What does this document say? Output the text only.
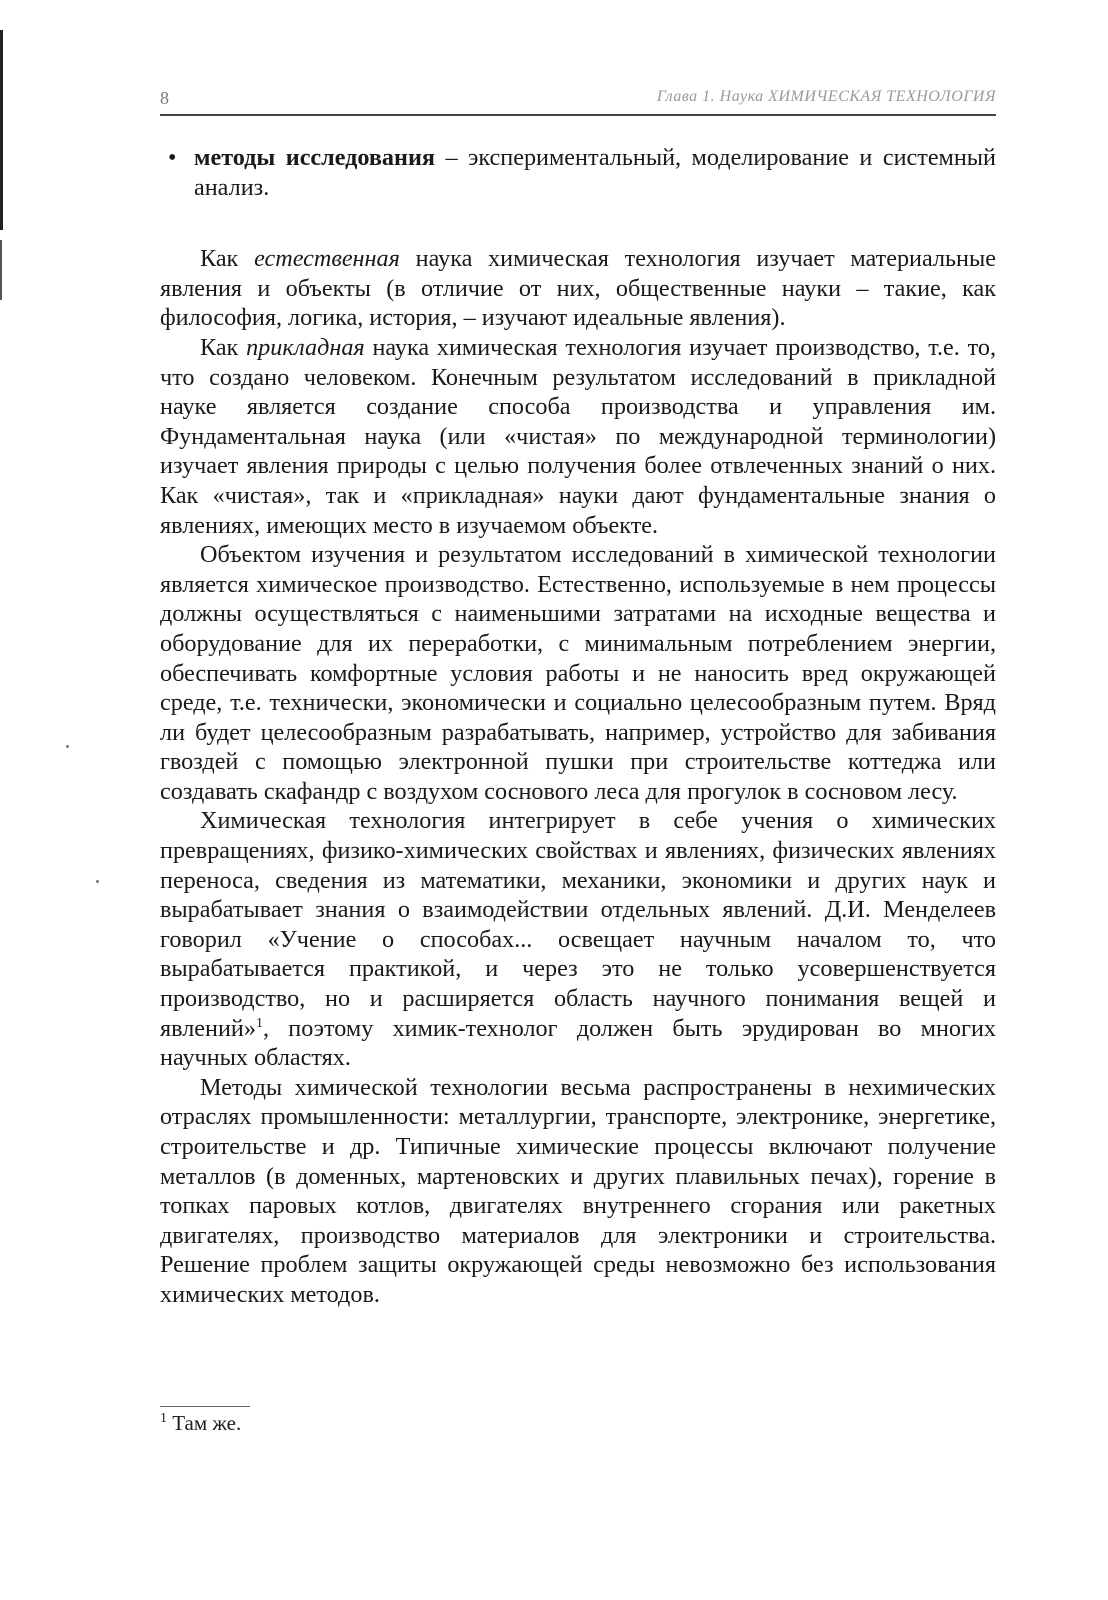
8	Глава 1. Наука ХИМИЧЕСКАЯ ТЕХНОЛОГИЯ
• методы исследования – экспериментальный, моделирование и системный анализ.

Как естественная наука химическая технология изучает материальные явления и объекты (в отличие от них, общественные науки – такие, как философия, логика, история, – изучают идеальные явления).

Как прикладная наука химическая технология изучает производство, т.е. то, что создано человеком. Конечным результатом исследований в прикладной науке является создание способа производства и управления им. Фундаментальная наука (или «чистая» по международной терминологии) изучает явления природы с целью получения более отвлеченных знаний о них. Как «чистая», так и «прикладная» науки дают фундаментальные знания о явлениях, имеющих место в изучаемом объекте.

Объектом изучения и результатом исследований в химической технологии является химическое производство. Естественно, используемые в нем процессы должны осуществляться с наименьшими затратами на исходные вещества и оборудование для их переработки, с минимальным потреблением энергии, обеспечивать комфортные условия работы и не наносить вред окружающей среде, т.е. технически, экономически и социально целесообразным путем. Вряд ли будет целесообразным разрабатывать, например, устройство для забивания гвоздей с помощью электронной пушки при строительстве коттеджа или создавать скафандр с воздухом соснового леса для прогулок в сосновом лесу.

Химическая технология интегрирует в себе учения о химических превращениях, физико-химических свойствах и явлениях, физических явлениях переноса, сведения из математики, механики, экономики и других наук и вырабатывает знания о взаимодействии отдельных явлений. Д.И. Менделеев говорил «Учение о способах... освещает научным началом то, что вырабатывается практикой, и через это не только усовершенствуется производство, но и расширяется область научного понимания вещей и явлений»$^1$, поэтому химик-технолог должен быть эрудирован во многих научных областях.

Методы химической технологии весьма распространены в нехимических отраслях промышленности: металлургии, транспорте, электронике, энергетике, строительстве и др. Типичные химические процессы включают получение металлов (в доменных, мартеновских и других плавильных печах), горение в топках паровых котлов, двигателях внутреннего сгорания или ракетных двигателях, производство материалов для электроники и строительства. Решение проблем защиты окружающей среды невозможно без использования химических методов.

$^1$ Там же.
